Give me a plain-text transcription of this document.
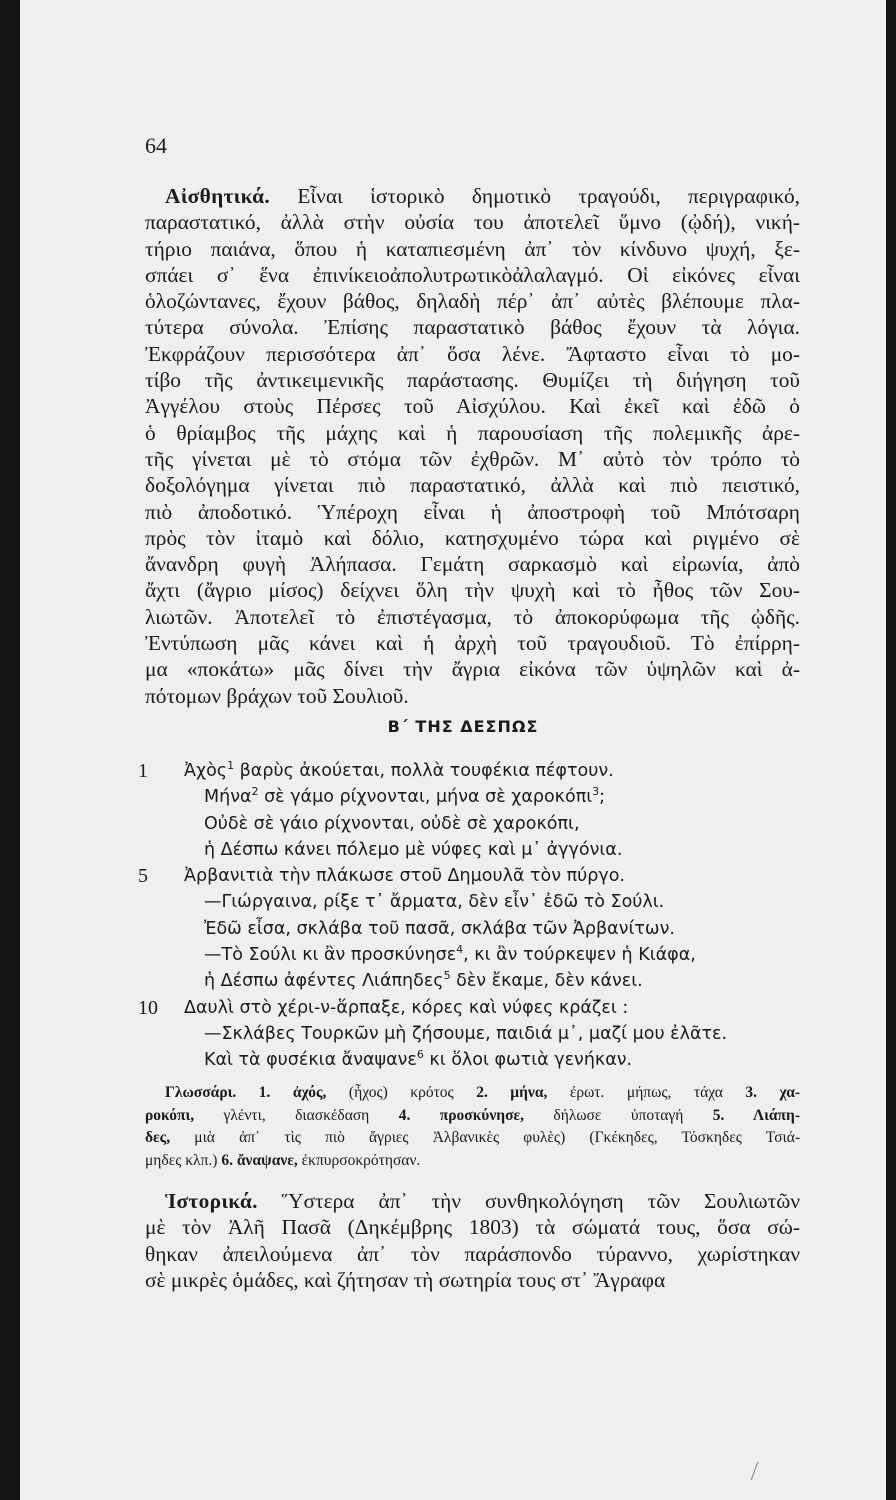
64
Αἰσθητικά. Εἶναι ἱστορικὸ δημοτικὸ τραγούδι, περιγραφικό,
παραστατικό, ἀλλὰ στὴν οὐσία του ἀποτελεῖ ὕμνο (ᾠδή), νική-
τήριο παιάνα, ὅπου ἡ καταπιεσμένη ἀπ᾽ τὸν κίνδυνο ψυχή, ξε-
σπάει σ᾽ ἕνα ἐπινίκειοἀπολυτρωτικὸἀλαλαγμό. Οἱ εἰκόνες εἶναι
ὁλοζώντανες, ἔχουν βάθος, δηλαδὴ πέρ᾽ ἀπ᾽ αὐτὲς βλέπουμε πλα-
τύτερα σύνολα. Ἐπίσης παραστατικὸ βάθος ἔχουν τὰ λόγια.
Ἐκφράζουν περισσότερα ἀπ᾽ ὅσα λένε. Ἄφταστο εἶναι τὸ μο-
τίβο τῆς ἀντικειμενικῆς παράστασης. Θυμίζει τὴ διήγηση τοῦ
Ἀγγέλου στοὺς Πέρσες τοῦ Αἰσχύλου. Καὶ ἐκεῖ καὶ ἐδῶ ὁ
ὁ θρίαμβος τῆς μάχης καὶ ἡ παρουσίαση τῆς πολεμικῆς ἀρε-
τῆς γίνεται μὲ τὸ στόμα τῶν ἐχθρῶν. Μ᾽ αὐτὸ τὸν τρόπο τὸ
δοξολόγημα γίνεται πιὸ παραστατικό, ἀλλὰ καὶ πιὸ πειστικό,
πιὸ ἀποδοτικό. Ὑπέροχη εἶναι ἡ ἀποστροφὴ τοῦ Μπότσαρη
πρὸς τὸν ἰταμὸ καὶ δόλιο, κατησχυμένο τώρα καὶ ριγμένο σὲ
ἄνανδρη φυγὴ Ἀλήπασα. Γεμάτη σαρκασμὸ καὶ εἰρωνία, ἀπὸ
ἄχτι (ἄγριο μίσος) δείχνει ὅλη τὴν ψυχὴ καὶ τὸ ἦθος τῶν Σου-
λιωτῶν. Ἀποτελεῖ τὸ ἐπιστέγασμα, τὸ ἀποκορύφωμα τῆς ᾠδῆς.
Ἐντύπωση μᾶς κάνει καὶ ἡ ἀρχὴ τοῦ τραγουδιοῦ. Τὸ ἐπίρρη-
μα «ποκάτω» μᾶς δίνει τὴν ἄγρια εἰκόνα τῶν ὑψηλῶν καὶ ἀ-
πότομων βράχων τοῦ Σουλιοῦ.
Β΄ ΤΗΣ ΔΕΣΠΩΣ
1 Ἀχὸς$^1$ βαρὺς ἀκούεται, πολλὰ τουφέκια πέφτουν.
Μήνα$^2$ σὲ γάμο ρίχνονται, μήνα σὲ χαροκόπι$^3$;
Οὐδὲ σὲ γάιο ρίχνονται, οὐδὲ σὲ χαροκόπι,
ἡ Δέσπω κάνει πόλεμο μὲ νύφες καὶ μ᾽ ἀγγόνια.
5 Ἀρβανιτιὰ τὴν πλάκωσε στοῦ Δημουλᾶ τὸν πύργο.
—Γιώργαινα, ρίξε τ᾽ ἄρματα, δὲν εἶν᾽ ἐδῶ τὸ Σούλι.
Ἐδῶ εἶσα, σκλάβα τοῦ πασᾶ, σκλάβα τῶν Ἀρβανίτων.
—Τὸ Σούλι κι ἂν προσκύνησε$^4$, κι ἂν τούρκεψεν ἡ Κιάφα,
ἡ Δέσπω ἀφέντες Λιάπηδες$^5$ δὲν ἔκαμε, δὲν κάνει.
10 Δαυλὶ στὸ χέρι-ν-ἅρπαξε, κόρες καὶ νύφες κράζει :
—Σκλάβες Τουρκῶν μὴ ζήσουμε, παιδιά μ᾽, μαζί μου ἐλᾶτε.
Καὶ τὰ φυσέκια ἄναψανε$^6$ κι ὅλοι φωτιὰ γενήκαν.
Γλωσσάρι. 1. ἀχός, (ἦχος) κρότος 2. μήνα, ἐρωτ. μήπως, τάχα 3. χα-
ροκόπι, γλέντι, διασκέδαση 4. προσκύνησε, δήλωσε ὑποταγή 5. Λιάπη-
δες, μιὰ ἀπ᾽ τὶς πιὸ ἄγριες Ἀλβανικὲς φυλὲς) (Γκέκηδες, Τόσκηδες Τσιά-
μηδες κλπ.) 6. ἄναψανε, ἐκπυρσοκρότησαν.
Ἱστορικά. Ὕστερα ἀπ᾽ τὴν συνθηκολόγηση τῶν Σουλιωτῶν
μὲ τὸν Ἀλῆ Πασᾶ (Δηκέμβρης 1803) τὰ σώματά τους, ὅσα σώ-
θηκαν ἀπειλούμενα ἀπ᾽ τὸν παράσπονδο τύραννο, χωρίστηκαν
σὲ μικρὲς ὁμάδες, καὶ ζήτησαν τὴ σωτηρία τους στ᾽ Ἄγραφα
